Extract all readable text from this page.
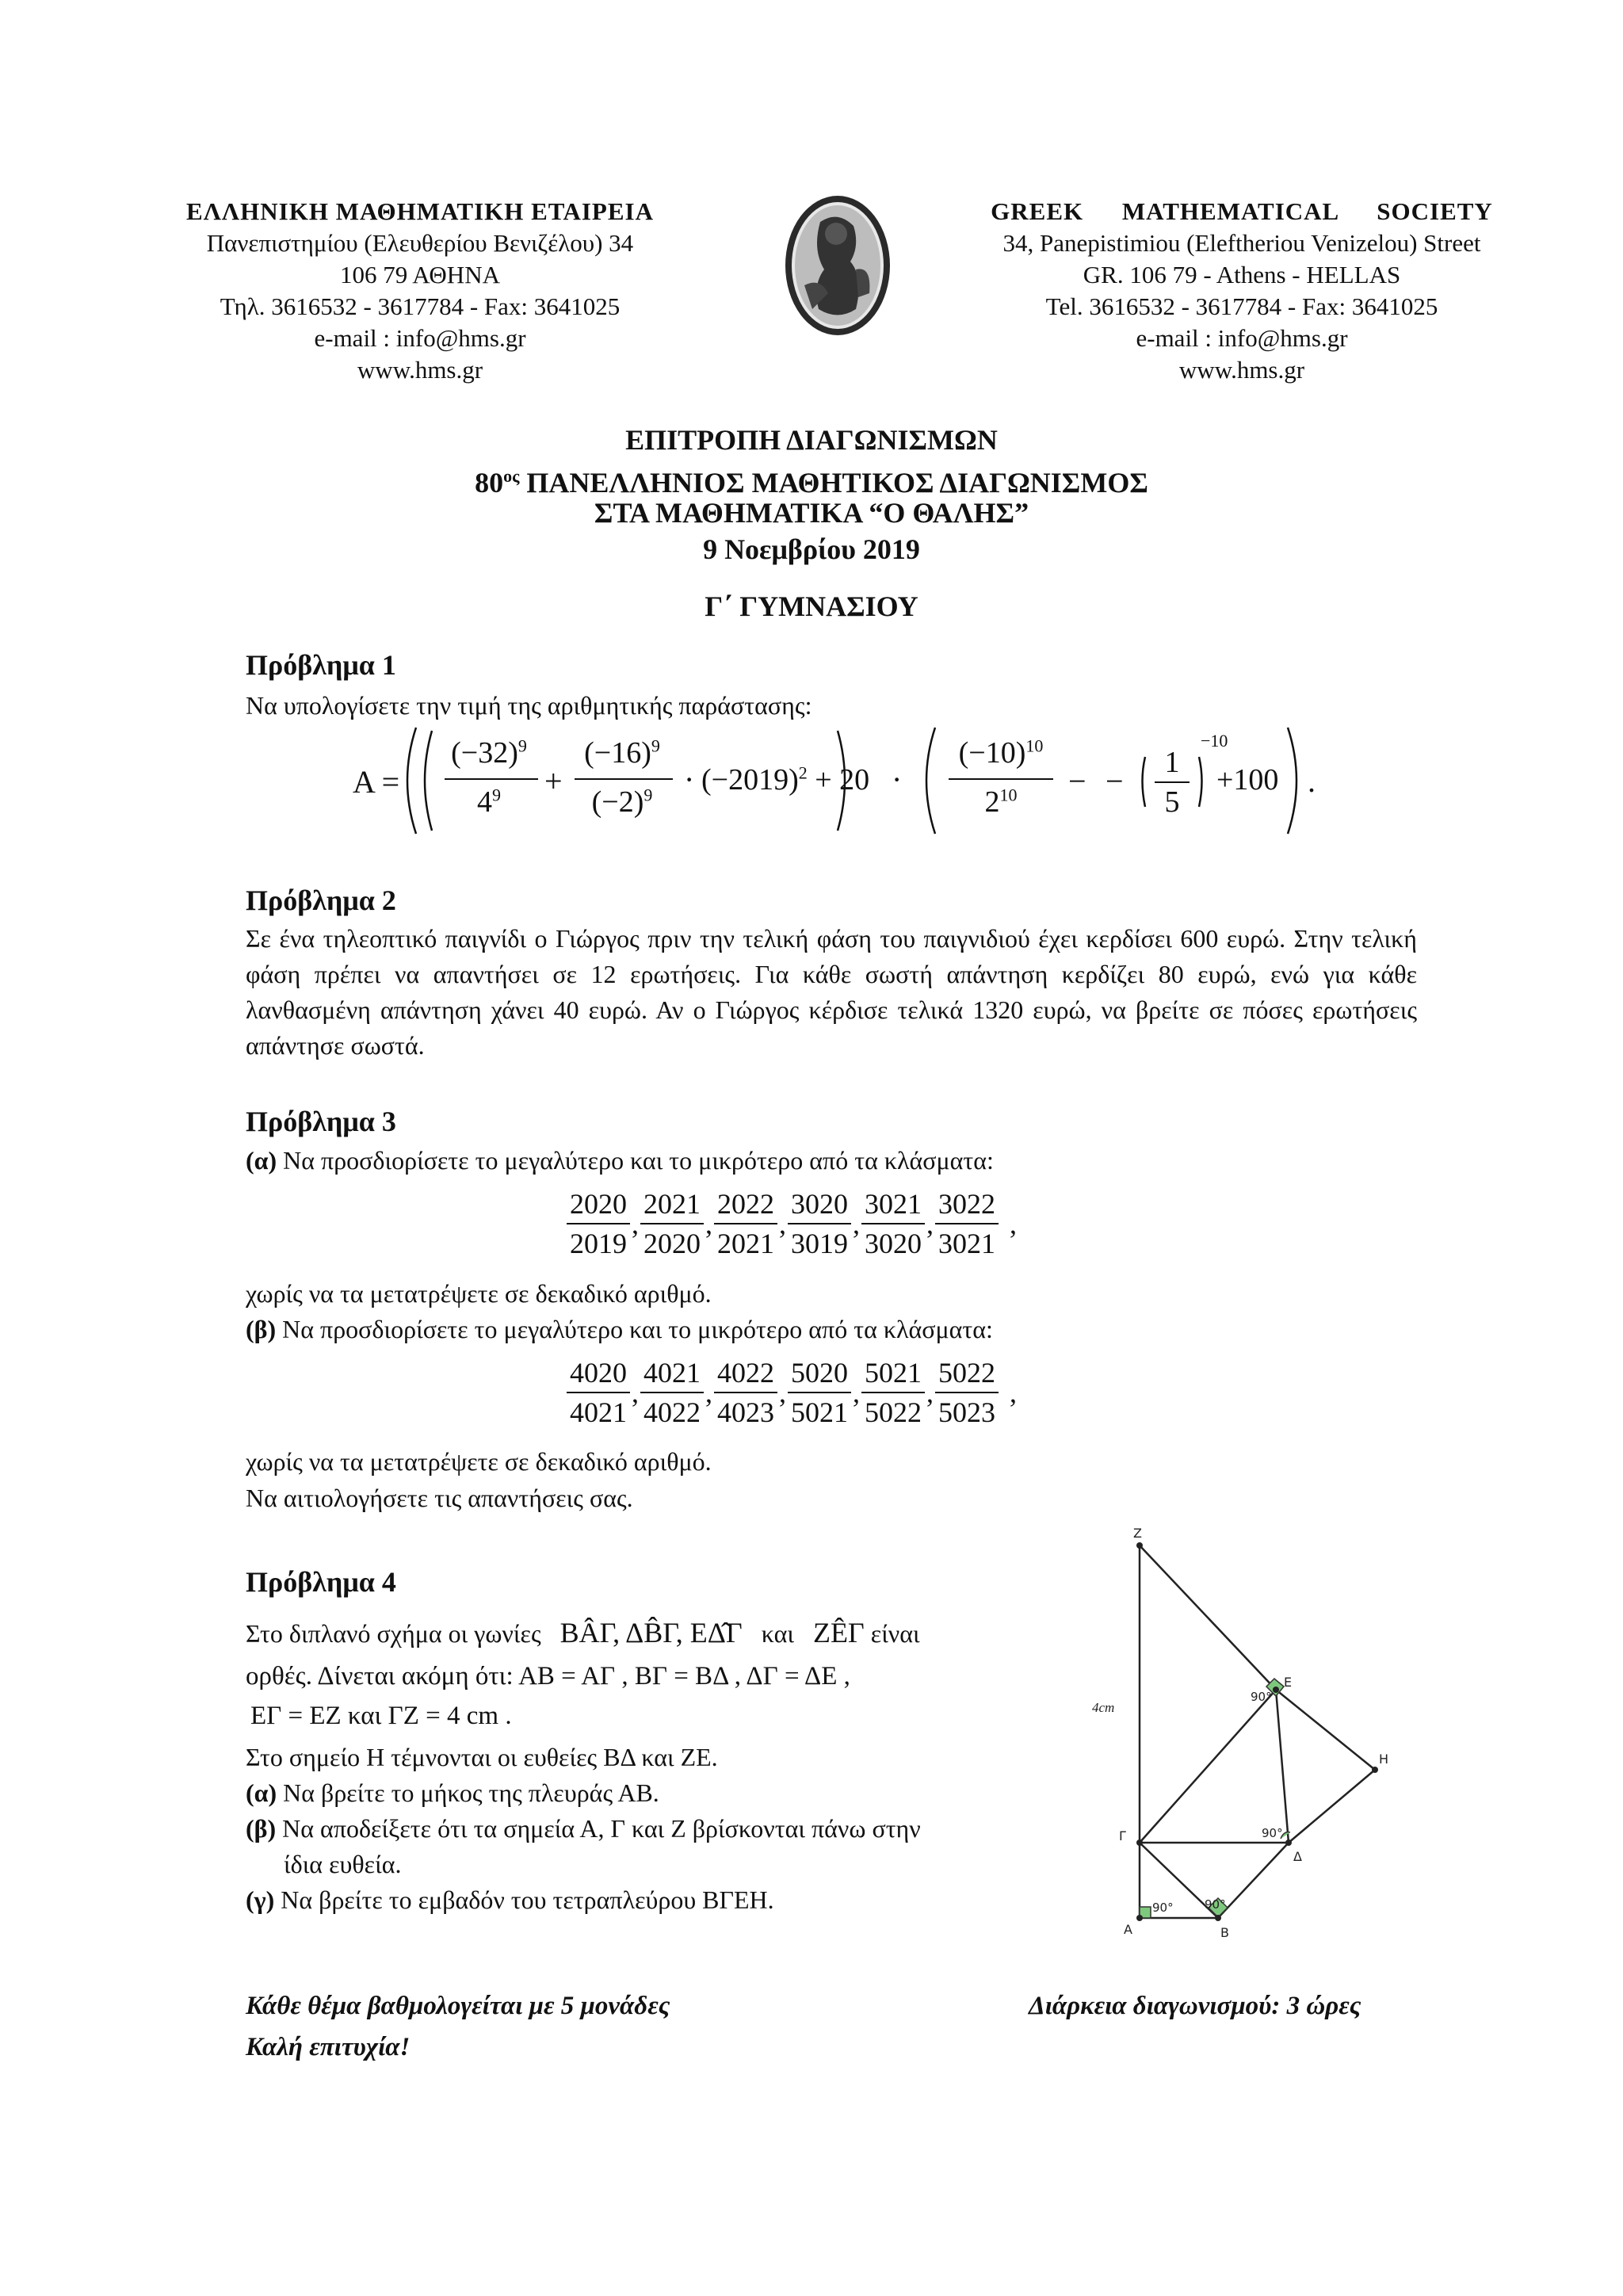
ΕΛΛΗΝΙΚΗ ΜΑΘΗΜΑΤΙΚΗ ΕΤΑΙΡΕΙΑ
Πανεπιστημίου (Ελευθερίου Βενιζέλου) 34
106 79 ΑΘΗΝΑ
Τηλ. 3616532 - 3617784 - Fax: 3641025
e-mail : info@hms.gr
www.hms.gr
GREEK MATHEMATICAL SOCIETY
34, Panepistimiou (Eleftheriou Venizelou) Street
GR. 106 79 - Athens - HELLAS
Tel. 3616532 - 3617784 - Fax: 3641025
e-mail : info@hms.gr
www.hms.gr
ΕΠΙΤΡΟΠΗ ΔΙΑΓΩΝΙΣΜΩΝ
$80^{o\varsigma}$ ΠΑΝΕΛΛΗΝΙΟΣ ΜΑΘΗΤΙΚΟΣ ΔΙΑΓΩΝΙΣΜΟΣ
ΣΤΑ ΜΑΘΗΜΑΤΙΚΑ “Ο ΘΑΛΗΣ”
9 Νοεμβρίου 2019
Γ΄ ΓΥΜΝΑΣΙΟΥ
Πρόβλημα 1
Να υπολογίσετε την τιμή της αριθμητικής παράστασης:
Α =
$(-32)^9$
$4^9$	+
$(-16)^9$
$(-2)^9 \cdot (-2019)^2 + 20$ ·
$(-10)^{10}$
$2^{10}$	− −
1
5
−10
+100 .
Πρόβλημα 2
Σε ένα τηλεοπτικό παιγνίδι ο Γιώργος πριν την τελική φάση του παιγνιδιού έχει κερδίσει 600 ευρώ. Στην τελική φάση πρέπει να απαντήσει σε 12 ερωτήσεις. Για κάθε σωστή απάντηση κερδίζει 80 ευρώ, ενώ για κάθε λανθασμένη απάντηση χάνει 40 ευρώ. Αν ο Γιώργος κέρδισε τελικά 1320 ευρώ, να βρείτε σε πόσες ερωτήσεις απάντησε σωστά.
Πρόβλημα 3
(α) Να προσδιορίσετε το μεγαλύτερο και το μικρότερο από τα κλάσματα:
$\frac{2020}{2019}$ , $\frac{2021}{2020}$ , $\frac{2022}{2021}$ , $\frac{3020}{3019}$ , $\frac{3021}{3020}$ , $\frac{3022}{3021}$ ,
χωρίς να τα μετατρέψετε σε δεκαδικό αριθμό.
(β) Να προσδιορίσετε το μεγαλύτερο και το μικρότερο από τα κλάσματα:
$\frac{4020}{4021}$ , $\frac{4021}{4022}$ , $\frac{4022}{4023}$ , $\frac{5020}{5021}$ , $\frac{5021}{5022}$ , $\frac{5022}{5023}$ ,
χωρίς να τα μετατρέψετε σε δεκαδικό αριθμό.
Να αιτιολογήσετε τις απαντήσεις σας.
Πρόβλημα 4
Στο διπλανό σχήμα οι γωνίες ΒÂΓ, ΔB̂Γ, ΕΔ̂Γ και ΖÊΓ είναι
ορθές. Δίνεται ακόμη ότι: ΑΒ = ΑΓ , ΒΓ = ΒΔ , ΔΓ = ΔΕ ,
ΕΓ = ΕΖ και ΓΖ = 4 cm .
Στο σημείο Η τέμνονται οι ευθείες ΒΔ και ΖΕ.
(α) Να βρείτε το μήκος της πλευράς ΑΒ.
(β) Να αποδείξετε ότι τα σημεία Α, Γ και Ζ βρίσκονται πάνω στην
ίδια ευθεία.
(γ) Να βρείτε το εμβαδόν του τετραπλεύρου ΒΓΕΗ.
Z
E
H
Γ
Δ
A	B
4cm
90°
90°
90°	90°
Κάθε θέμα βαθμολογείται με 5 μονάδες	Διάρκεια διαγωνισμού: 3 ώρες
Καλή επιτυχία!
